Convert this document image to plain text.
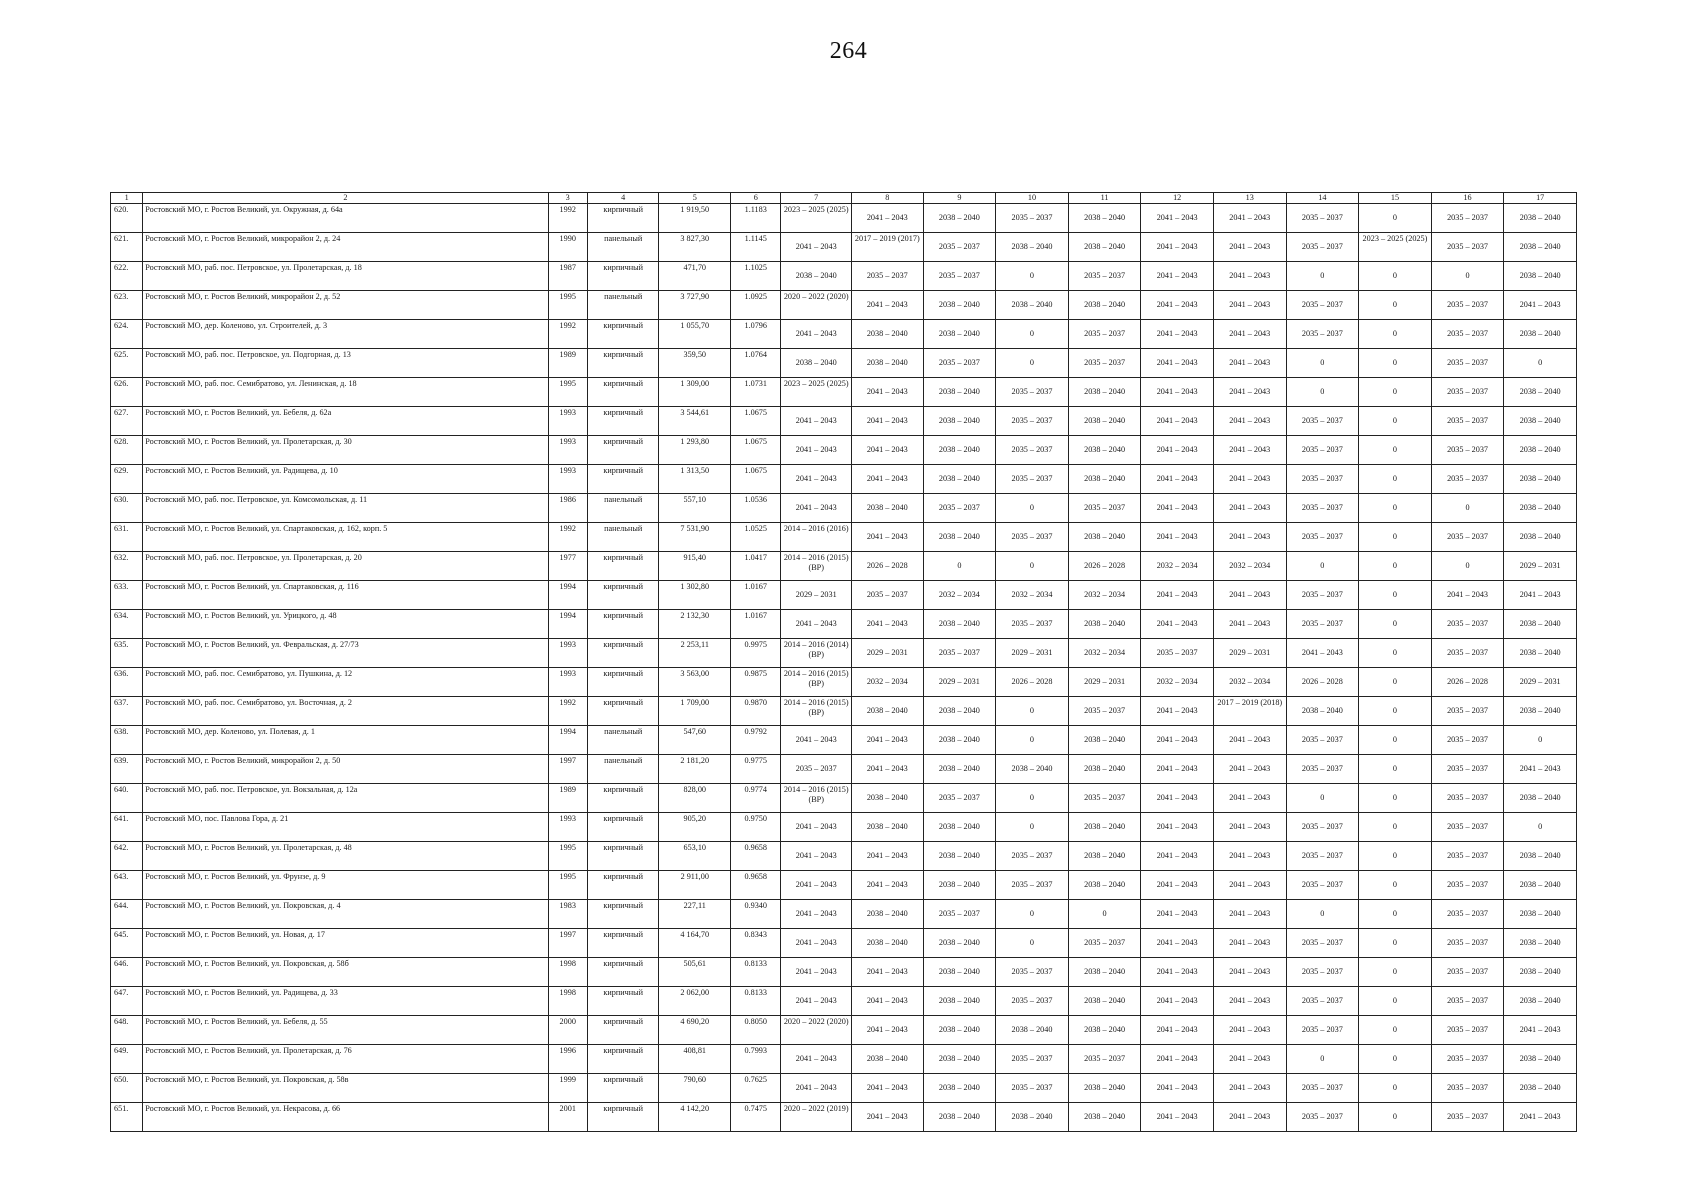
264
1	2	3	4	5	6	7	8	9	10	11	12	13	14	15	16	17
620.	Ростовский МО, г. Ростов Великий, ул. Окружная, д. 64а	1992	кирпичный	1 919,50	1.1183	2023 – 2025 (2025)	2041 – 2043	2038 – 2040	2035 – 2037	2038 – 2040	2041 – 2043	2041 – 2043	2035 – 2037	0	2035 – 2037	2038 – 2040
621.	Ростовский МО, г. Ростов Великий, микрорайон 2, д. 24	1990	панельный	3 827,30	1.1145	2041 – 2043	2017 – 2019 (2017)	2035 – 2037	2038 – 2040	2038 – 2040	2041 – 2043	2041 – 2043	2035 – 2037	2023 – 2025 (2025)	2035 – 2037	2038 – 2040
622.	Ростовский МО, раб. пос. Петровское, ул. Пролетарская, д. 18	1987	кирпичный	471,70	1.1025	2038 – 2040	2035 – 2037	2035 – 2037	0	2035 – 2037	2041 – 2043	2041 – 2043	0	0	0	2038 – 2040
623.	Ростовский МО, г. Ростов Великий, микрорайон 2, д. 52	1995	панельный	3 727,90	1.0925	2020 – 2022 (2020)	2041 – 2043	2038 – 2040	2038 – 2040	2038 – 2040	2041 – 2043	2041 – 2043	2035 – 2037	0	2035 – 2037	2041 – 2043
624.	Ростовский МО, дер. Коленово, ул. Строителей, д. 3	1992	кирпичный	1 055,70	1.0796	2041 – 2043	2038 – 2040	2038 – 2040	0	2035 – 2037	2041 – 2043	2041 – 2043	2035 – 2037	0	2035 – 2037	2038 – 2040
625.	Ростовский МО, раб. пос. Петровское, ул. Подгорная, д. 13	1989	кирпичный	359,50	1.0764	2038 – 2040	2038 – 2040	2035 – 2037	0	2035 – 2037	2041 – 2043	2041 – 2043	0	0	2035 – 2037	0
626.	Ростовский МО, раб. пос. Семибратово, ул. Ленинская, д. 18	1995	кирпичный	1 309,00	1.0731	2023 – 2025 (2025)	2041 – 2043	2038 – 2040	2035 – 2037	2038 – 2040	2041 – 2043	2041 – 2043	0	0	2035 – 2037	2038 – 2040
627.	Ростовский МО, г. Ростов Великий, ул. Бебеля, д. 62а	1993	кирпичный	3 544,61	1.0675	2041 – 2043	2041 – 2043	2038 – 2040	2035 – 2037	2038 – 2040	2041 – 2043	2041 – 2043	2035 – 2037	0	2035 – 2037	2038 – 2040
628.	Ростовский МО, г. Ростов Великий, ул. Пролетарская, д. 30	1993	кирпичный	1 293,80	1.0675	2041 – 2043	2041 – 2043	2038 – 2040	2035 – 2037	2038 – 2040	2041 – 2043	2041 – 2043	2035 – 2037	0	2035 – 2037	2038 – 2040
629.	Ростовский МО, г. Ростов Великий, ул. Радищева, д. 10	1993	кирпичный	1 313,50	1.0675	2041 – 2043	2041 – 2043	2038 – 2040	2035 – 2037	2038 – 2040	2041 – 2043	2041 – 2043	2035 – 2037	0	2035 – 2037	2038 – 2040
630.	Ростовский МО, раб. пос. Петровское, ул. Комсомольская, д. 11	1986	панельный	557,10	1.0536	2041 – 2043	2038 – 2040	2035 – 2037	0	2035 – 2037	2041 – 2043	2041 – 2043	2035 – 2037	0	0	2038 – 2040
631.	Ростовский МО, г. Ростов Великий, ул. Спартаковская, д. 162, корп. 5	1992	панельный	7 531,90	1.0525	2014 – 2016 (2016)	2041 – 2043	2038 – 2040	2035 – 2037	2038 – 2040	2041 – 2043	2041 – 2043	2035 – 2037	0	2035 – 2037	2038 – 2040
632.	Ростовский МО, раб. пос. Петровское, ул. Пролетарская, д. 20	1977	кирпичный	915,40	1.0417	2014 – 2016 (2015) (ВР)	2026 – 2028	0	0	2026 – 2028	2032 – 2034	2032 – 2034	0	0	0	2029 – 2031
633.	Ростовский МО, г. Ростов Великий, ул. Спартаковская, д. 116	1994	кирпичный	1 302,80	1.0167	2029 – 2031	2035 – 2037	2032 – 2034	2032 – 2034	2032 – 2034	2041 – 2043	2041 – 2043	2035 – 2037	0	2041 – 2043	2041 – 2043
634.	Ростовский МО, г. Ростов Великий, ул. Урицкого, д. 48	1994	кирпичный	2 132,30	1.0167	2041 – 2043	2041 – 2043	2038 – 2040	2035 – 2037	2038 – 2040	2041 – 2043	2041 – 2043	2035 – 2037	0	2035 – 2037	2038 – 2040
635.	Ростовский МО, г. Ростов Великий, ул. Февральская, д. 27/73	1993	кирпичный	2 253,11	0.9975	2014 – 2016 (2014) (ВР)	2029 – 2031	2035 – 2037	2029 – 2031	2032 – 2034	2035 – 2037	2029 – 2031	2041 – 2043	0	2035 – 2037	2038 – 2040
636.	Ростовский МО, раб. пос. Семибратово, ул. Пушкина, д. 12	1993	кирпичный	3 563,00	0.9875	2014 – 2016 (2015) (ВР)	2032 – 2034	2029 – 2031	2026 – 2028	2029 – 2031	2032 – 2034	2032 – 2034	2026 – 2028	0	2026 – 2028	2029 – 2031
637.	Ростовский МО, раб. пос. Семибратово, ул. Восточная, д. 2	1992	кирпичный	1 709,00	0.9870	2014 – 2016 (2015) (ВР)	2038 – 2040	2038 – 2040	0	2035 – 2037	2041 – 2043	2017 – 2019 (2018)	2038 – 2040	0	2035 – 2037	2038 – 2040
638.	Ростовский МО, дер. Коленово, ул. Полевая, д. 1	1994	панельный	547,60	0.9792	2041 – 2043	2041 – 2043	2038 – 2040	0	2038 – 2040	2041 – 2043	2041 – 2043	2035 – 2037	0	2035 – 2037	0
639.	Ростовский МО, г. Ростов Великий, микрорайон 2, д. 50	1997	панельный	2 181,20	0.9775	2035 – 2037	2041 – 2043	2038 – 2040	2038 – 2040	2038 – 2040	2041 – 2043	2041 – 2043	2035 – 2037	0	2035 – 2037	2041 – 2043
640.	Ростовский МО, раб. пос. Петровское, ул. Вокзальная, д. 12а	1989	кирпичный	828,00	0.9774	2014 – 2016 (2015) (ВР)	2038 – 2040	2035 – 2037	0	2035 – 2037	2041 – 2043	2041 – 2043	0	0	2035 – 2037	2038 – 2040
641.	Ростовский МО, пос. Павлова Гора, д. 21	1993	кирпичный	905,20	0.9750	2041 – 2043	2038 – 2040	2038 – 2040	0	2038 – 2040	2041 – 2043	2041 – 2043	2035 – 2037	0	2035 – 2037	0
642.	Ростовский МО, г. Ростов Великий, ул. Пролетарская, д. 48	1995	кирпичный	653,10	0.9658	2041 – 2043	2041 – 2043	2038 – 2040	2035 – 2037	2038 – 2040	2041 – 2043	2041 – 2043	2035 – 2037	0	2035 – 2037	2038 – 2040
643.	Ростовский МО, г. Ростов Великий, ул. Фрунзе, д. 9	1995	кирпичный	2 911,00	0.9658	2041 – 2043	2041 – 2043	2038 – 2040	2035 – 2037	2038 – 2040	2041 – 2043	2041 – 2043	2035 – 2037	0	2035 – 2037	2038 – 2040
644.	Ростовский МО, г. Ростов Великий, ул. Покровская, д. 4	1983	кирпичный	227,11	0.9340	2041 – 2043	2038 – 2040	2035 – 2037	0	0	2041 – 2043	2041 – 2043	0	0	2035 – 2037	2038 – 2040
645.	Ростовский МО, г. Ростов Великий, ул. Новая, д. 17	1997	кирпичный	4 164,70	0.8343	2041 – 2043	2038 – 2040	2038 – 2040	0	2035 – 2037	2041 – 2043	2041 – 2043	2035 – 2037	0	2035 – 2037	2038 – 2040
646.	Ростовский МО, г. Ростов Великий, ул. Покровская, д. 58б	1998	кирпичный	505,61	0.8133	2041 – 2043	2041 – 2043	2038 – 2040	2035 – 2037	2038 – 2040	2041 – 2043	2041 – 2043	2035 – 2037	0	2035 – 2037	2038 – 2040
647.	Ростовский МО, г. Ростов Великий, ул. Радищева, д. 33	1998	кирпичный	2 062,00	0.8133	2041 – 2043	2041 – 2043	2038 – 2040	2035 – 2037	2038 – 2040	2041 – 2043	2041 – 2043	2035 – 2037	0	2035 – 2037	2038 – 2040
648.	Ростовский МО, г. Ростов Великий, ул. Бебеля, д. 55	2000	кирпичный	4 690,20	0.8050	2020 – 2022 (2020)	2041 – 2043	2038 – 2040	2038 – 2040	2038 – 2040	2041 – 2043	2041 – 2043	2035 – 2037	0	2035 – 2037	2041 – 2043
649.	Ростовский МО, г. Ростов Великий, ул. Пролетарская, д. 76	1996	кирпичный	408,81	0.7993	2041 – 2043	2038 – 2040	2038 – 2040	2035 – 2037	2035 – 2037	2041 – 2043	2041 – 2043	0	0	2035 – 2037	2038 – 2040
650.	Ростовский МО, г. Ростов Великий, ул. Покровская, д. 58в	1999	кирпичный	790,60	0.7625	2041 – 2043	2041 – 2043	2038 – 2040	2035 – 2037	2038 – 2040	2041 – 2043	2041 – 2043	2035 – 2037	0	2035 – 2037	2038 – 2040
651.	Ростовский МО, г. Ростов Великий, ул. Некрасова, д. 66	2001	кирпичный	4 142,20	0.7475	2020 – 2022 (2019)	2041 – 2043	2038 – 2040	2038 – 2040	2038 – 2040	2041 – 2043	2041 – 2043	2035 – 2037	0	2035 – 2037	2041 – 2043
